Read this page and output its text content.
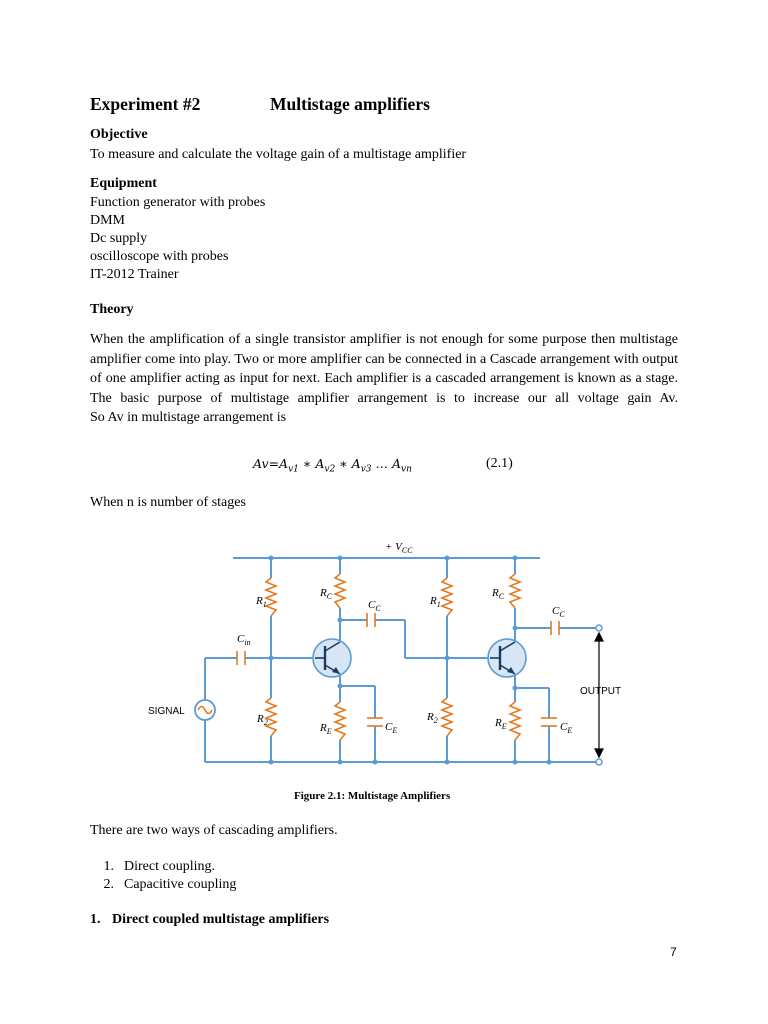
Experiment #2	Multistage amplifiers
Objective
To measure and calculate the voltage gain of a multistage amplifier
Equipment
Function generator with probes
DMM
Dc supply
oscilloscope with probes
IT-2012 Trainer
Theory
When the amplification of a single transistor amplifier is not enough for some purpose then multistage amplifier come into play. Two or more amplifier can be connected in a Cascade arrangement with output of one amplifier acting as input for next. Each amplifier is a cascaded arrangement is known as a stage. The basic purpose of multistage amplifier arrangement is to increase our all voltage gain Av.
So Av in multistage arrangement is
$Av=A_{v1}$ ∗ $A_{v2}$ ∗ $A_{v3}$ … $A_{vn}$	(2.1)
When n is number of stages
+ $V_{CC}$
$R_1$
$R_2$
$R_C$
$R_E$
$C_C$
$C_E$
$C_{in}$
$R_1$
$R_2$
$R_C$
$R_E$
$C_C$
$C_E$
SIGNAL
OUTPUT
Figure 2.1: Multistage Amplifiers
There are two ways of cascading amplifiers.
1. Direct coupling.
2. Capacitive coupling
1. Direct coupled multistage amplifiers
7
